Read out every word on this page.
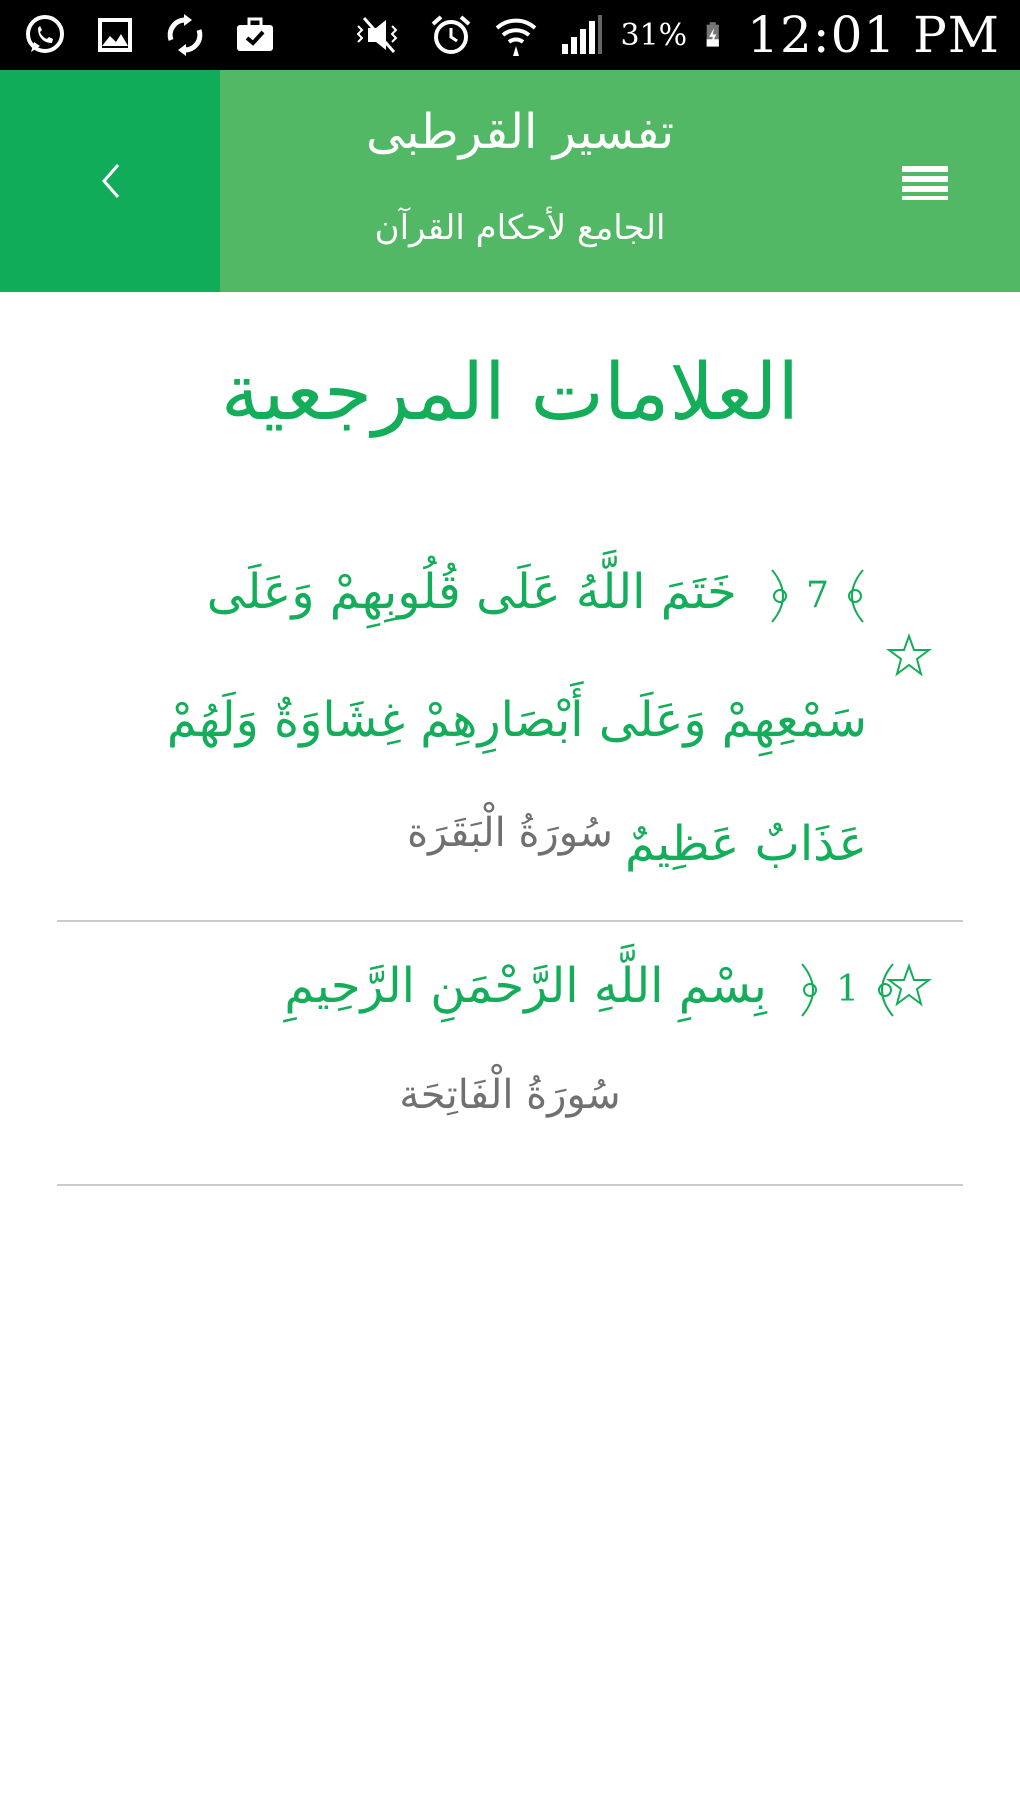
31% 12:01 PM
تفسير القرطبى
الجامع لأحكام القرآن
العلامات المرجعية
7
خَتَمَ اللَّهُ عَلَى قُلُوبِهِمْ وَعَلَى سَمْعِهِمْ وَعَلَى أَبْصَارِهِمْ غِشَاوَةٌ وَلَهُمْ عَذَابٌ عَظِيمٌ
سُورَةُ الْبَقَرَة
1
بِسْمِ اللَّهِ الرَّحْمَنِ الرَّحِيمِ
سُورَةُ الْفَاتِحَة
